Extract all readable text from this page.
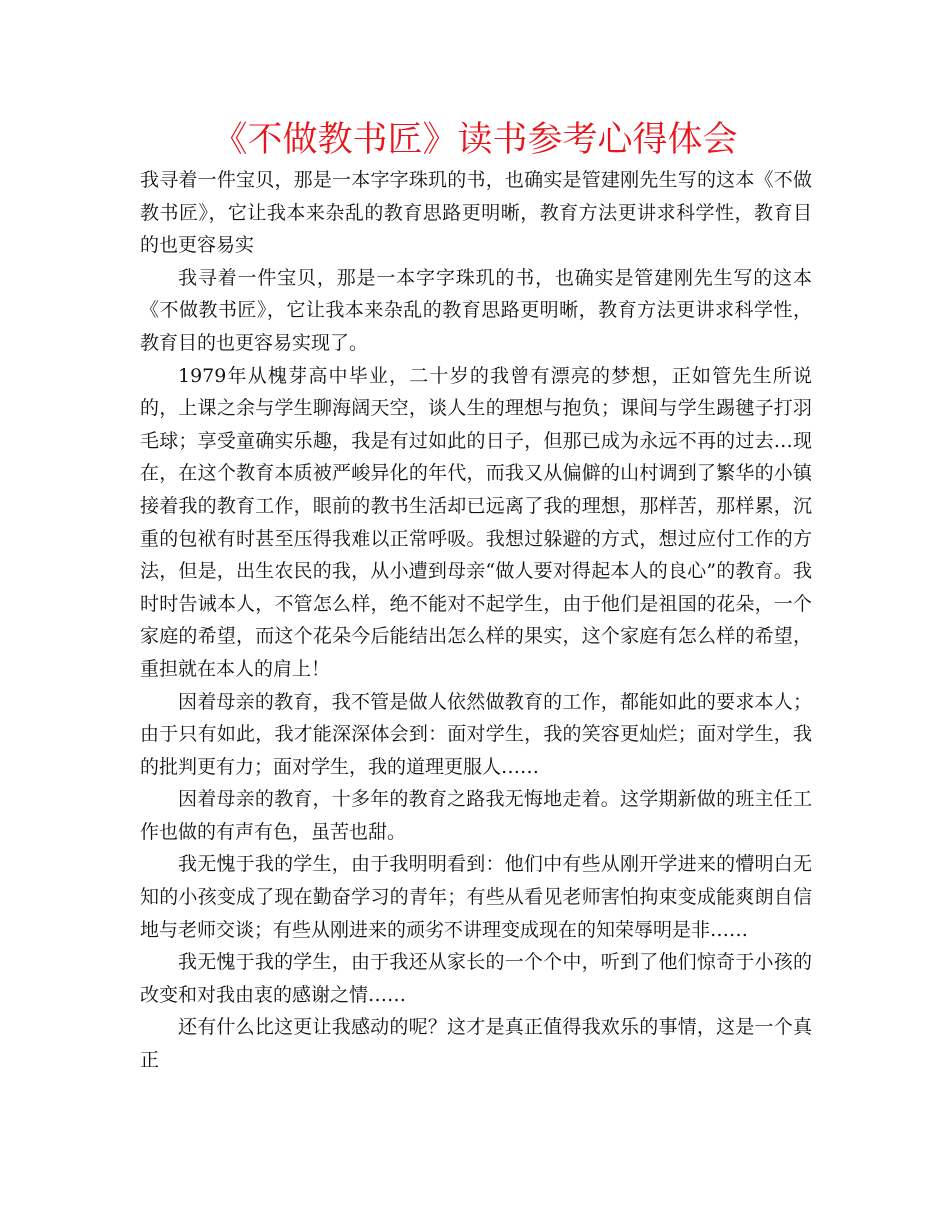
《不做教书匠》读书参考心得体会

我寻着一件宝贝，那是一本字字珠玑的书，也确实是管建刚先生写的这本《不做教书匠》，它让我本来杂乱的教育思路更明晰，教育方法更讲求科学性，教育目的也更容易实

我寻着一件宝贝，那是一本字字珠玑的书，也确实是管建刚先生写的这本《不做教书匠》，它让我本来杂乱的教育思路更明晰，教育方法更讲求科学性，教育目的也更容易实现了。

1979年从槐芽高中毕业，二十岁的我曾有漂亮的梦想，正如管先生所说的，上课之余与学生聊海阔天空，谈人生的理想与抱负；课间与学生踢毽子打羽毛球；享受童确实乐趣，我是有过如此的日子，但那已成为永远不再的过去…现在，在这个教育本质被严峻异化的年代，而我又从偏僻的山村调到了繁华的小镇接着我的教育工作，眼前的教书生活却已远离了我的理想，那样苦，那样累，沉重的包袱有时甚至压得我难以正常呼吸。我想过躲避的方式，想过应付工作的方法，但是，出生农民的我，从小遭到母亲“做人要对得起本人的良心”的教育。我时时告诫本人，不管怎么样，绝不能对不起学生，由于他们是祖国的花朵，一个家庭的希望，而这个花朵今后能结出怎么样的果实，这个家庭有怎么样的希望，重担就在本人的肩上！

因着母亲的教育，我不管是做人依然做教育的工作，都能如此的要求本人；由于只有如此，我才能深深体会到：面对学生，我的笑容更灿烂；面对学生，我的批判更有力；面对学生，我的道理更服人……

因着母亲的教育，十多年的教育之路我无悔地走着。这学期新做的班主任工作也做的有声有色，虽苦也甜。

我无愧于我的学生，由于我明明看到：他们中有些从刚开学进来的懵明白无知的小孩变成了现在勤奋学习的青年；有些从看见老师害怕拘束变成能爽朗自信地与老师交谈；有些从刚进来的顽劣不讲理变成现在的知荣辱明是非……

我无愧于我的学生，由于我还从家长的一个个中，听到了他们惊奇于小孩的改变和对我由衷的感谢之情……

还有什么比这更让我感动的呢？这才是真正值得我欢乐的事情，这是一个真正
